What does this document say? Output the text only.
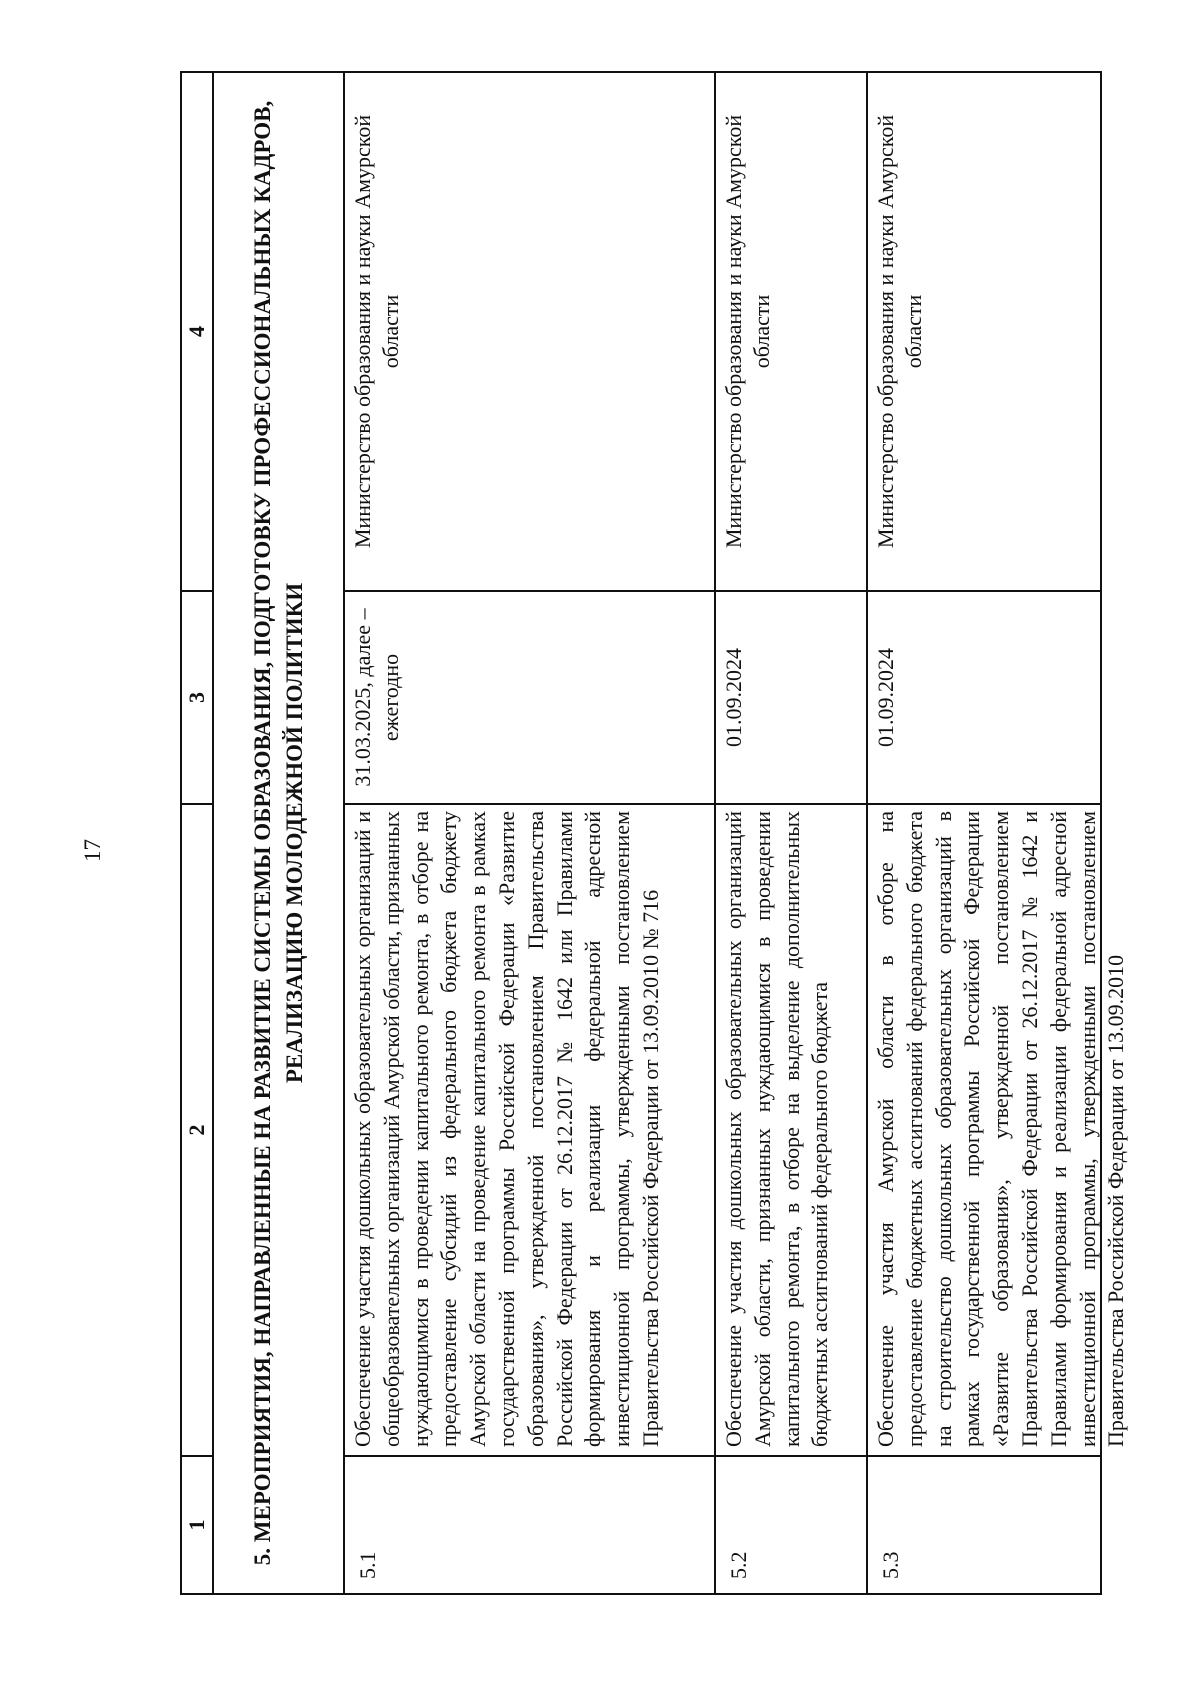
17
1	2	3	4
5. МЕРОПРИЯТИЯ, НАПРАВЛЕННЫЕ НА РАЗВИТИЕ СИСТЕМЫ ОБРАЗОВАНИЯ, ПОДГОТОВКУ ПРОФЕССИОНАЛЬНЫХ КАДРОВ, РЕАЛИЗАЦИЮ МОЛОДЕЖНОЙ ПОЛИТИКИ			
5.1	Обеспечение участия дошкольных образовательных организаций и общеобразовательных организаций Амурской области, признанных нуждающимися в проведении капитального ремонта, в отборе на предоставление субсидий из федерального бюджета бюджету Амурской области на проведение капитального ремонта в рамках государственной программы Российской Федерации «Развитие образования», утвержденной постановлением Правительства Российской Федерации от 26.12.2017 № 1642 или Правилами формирования и реализации федеральной адресной инвестиционной программы, утвержденными постановлением Правительства Российской Федерации от 13.09.2010 № 716	31.03.2025, далее – ежегодно	Министерство образования и науки Амурской области
5.2	Обеспечение участия дошкольных образовательных организаций Амурской области, признанных нуждающимися в проведении капитального ремонта, в отборе на выделение дополнительных бюджетных ассигнований федерального бюджета	01.09.2024	Министерство образования и науки Амурской области
5.3	Обеспечение участия Амурской области в отборе на предоставление бюджетных ассигнований федерального бюджета на строительство дошкольных образовательных организаций в рамках государственной программы Российской Федерации «Развитие образования», утвержденной постановлением Правительства Российской Федерации от 26.12.2017 № 1642 и Правилами формирования и реализации федеральной адресной инвестиционной программы, утвержденными постановлением Правительства Российской Федерации от 13.09.2010	01.09.2024	Министерство образования и науки Амурской области
